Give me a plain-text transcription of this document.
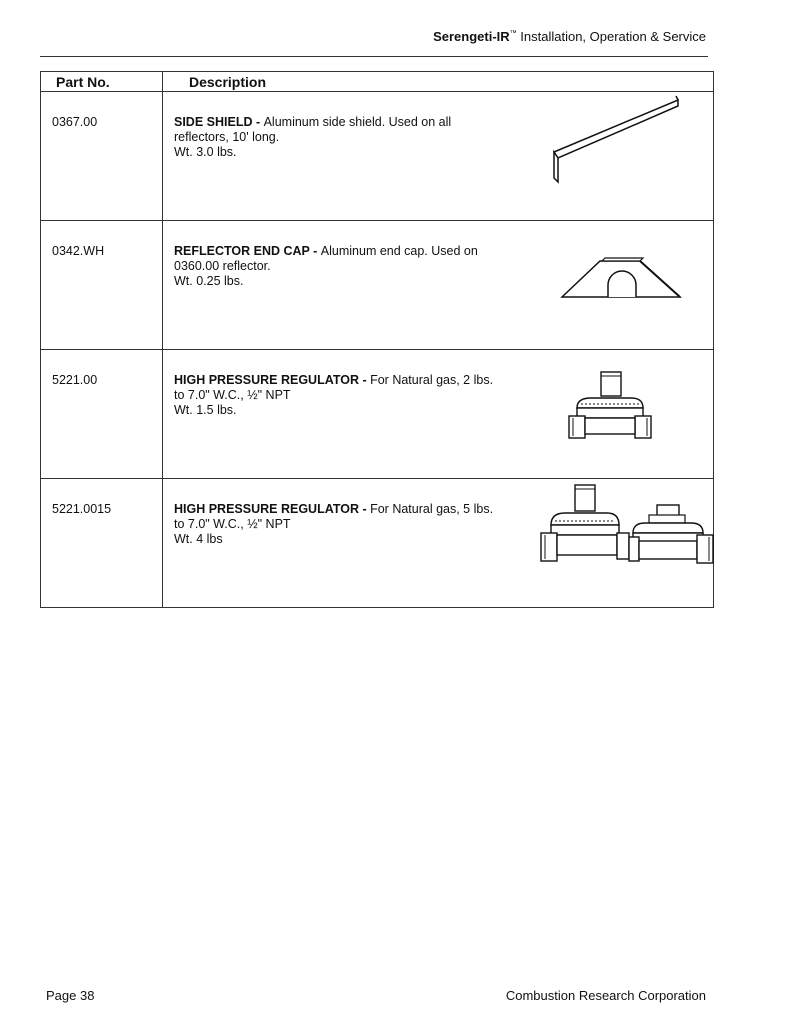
Serengeti-IR™ Installation, Operation & Service
Part No.	Description
0367.00	SIDE SHIELD - Aluminum side shield. Used on all reflectors, 10' long.
Wt. 3.0 lbs.

0342.WH	REFLECTOR END CAP - Aluminum end cap. Used on 0360.00 reflector.
Wt. 0.25 lbs.

5221.00	HIGH PRESSURE REGULATOR - For Natural gas, 2 lbs. to 7.0" W.C., ½" NPT
Wt. 1.5 lbs.

5221.0015	HIGH PRESSURE REGULATOR - For Natural gas, 5 lbs. to 7.0" W.C., ½" NPT
Wt. 4 lbs
Page 38	Combustion Research Corporation
